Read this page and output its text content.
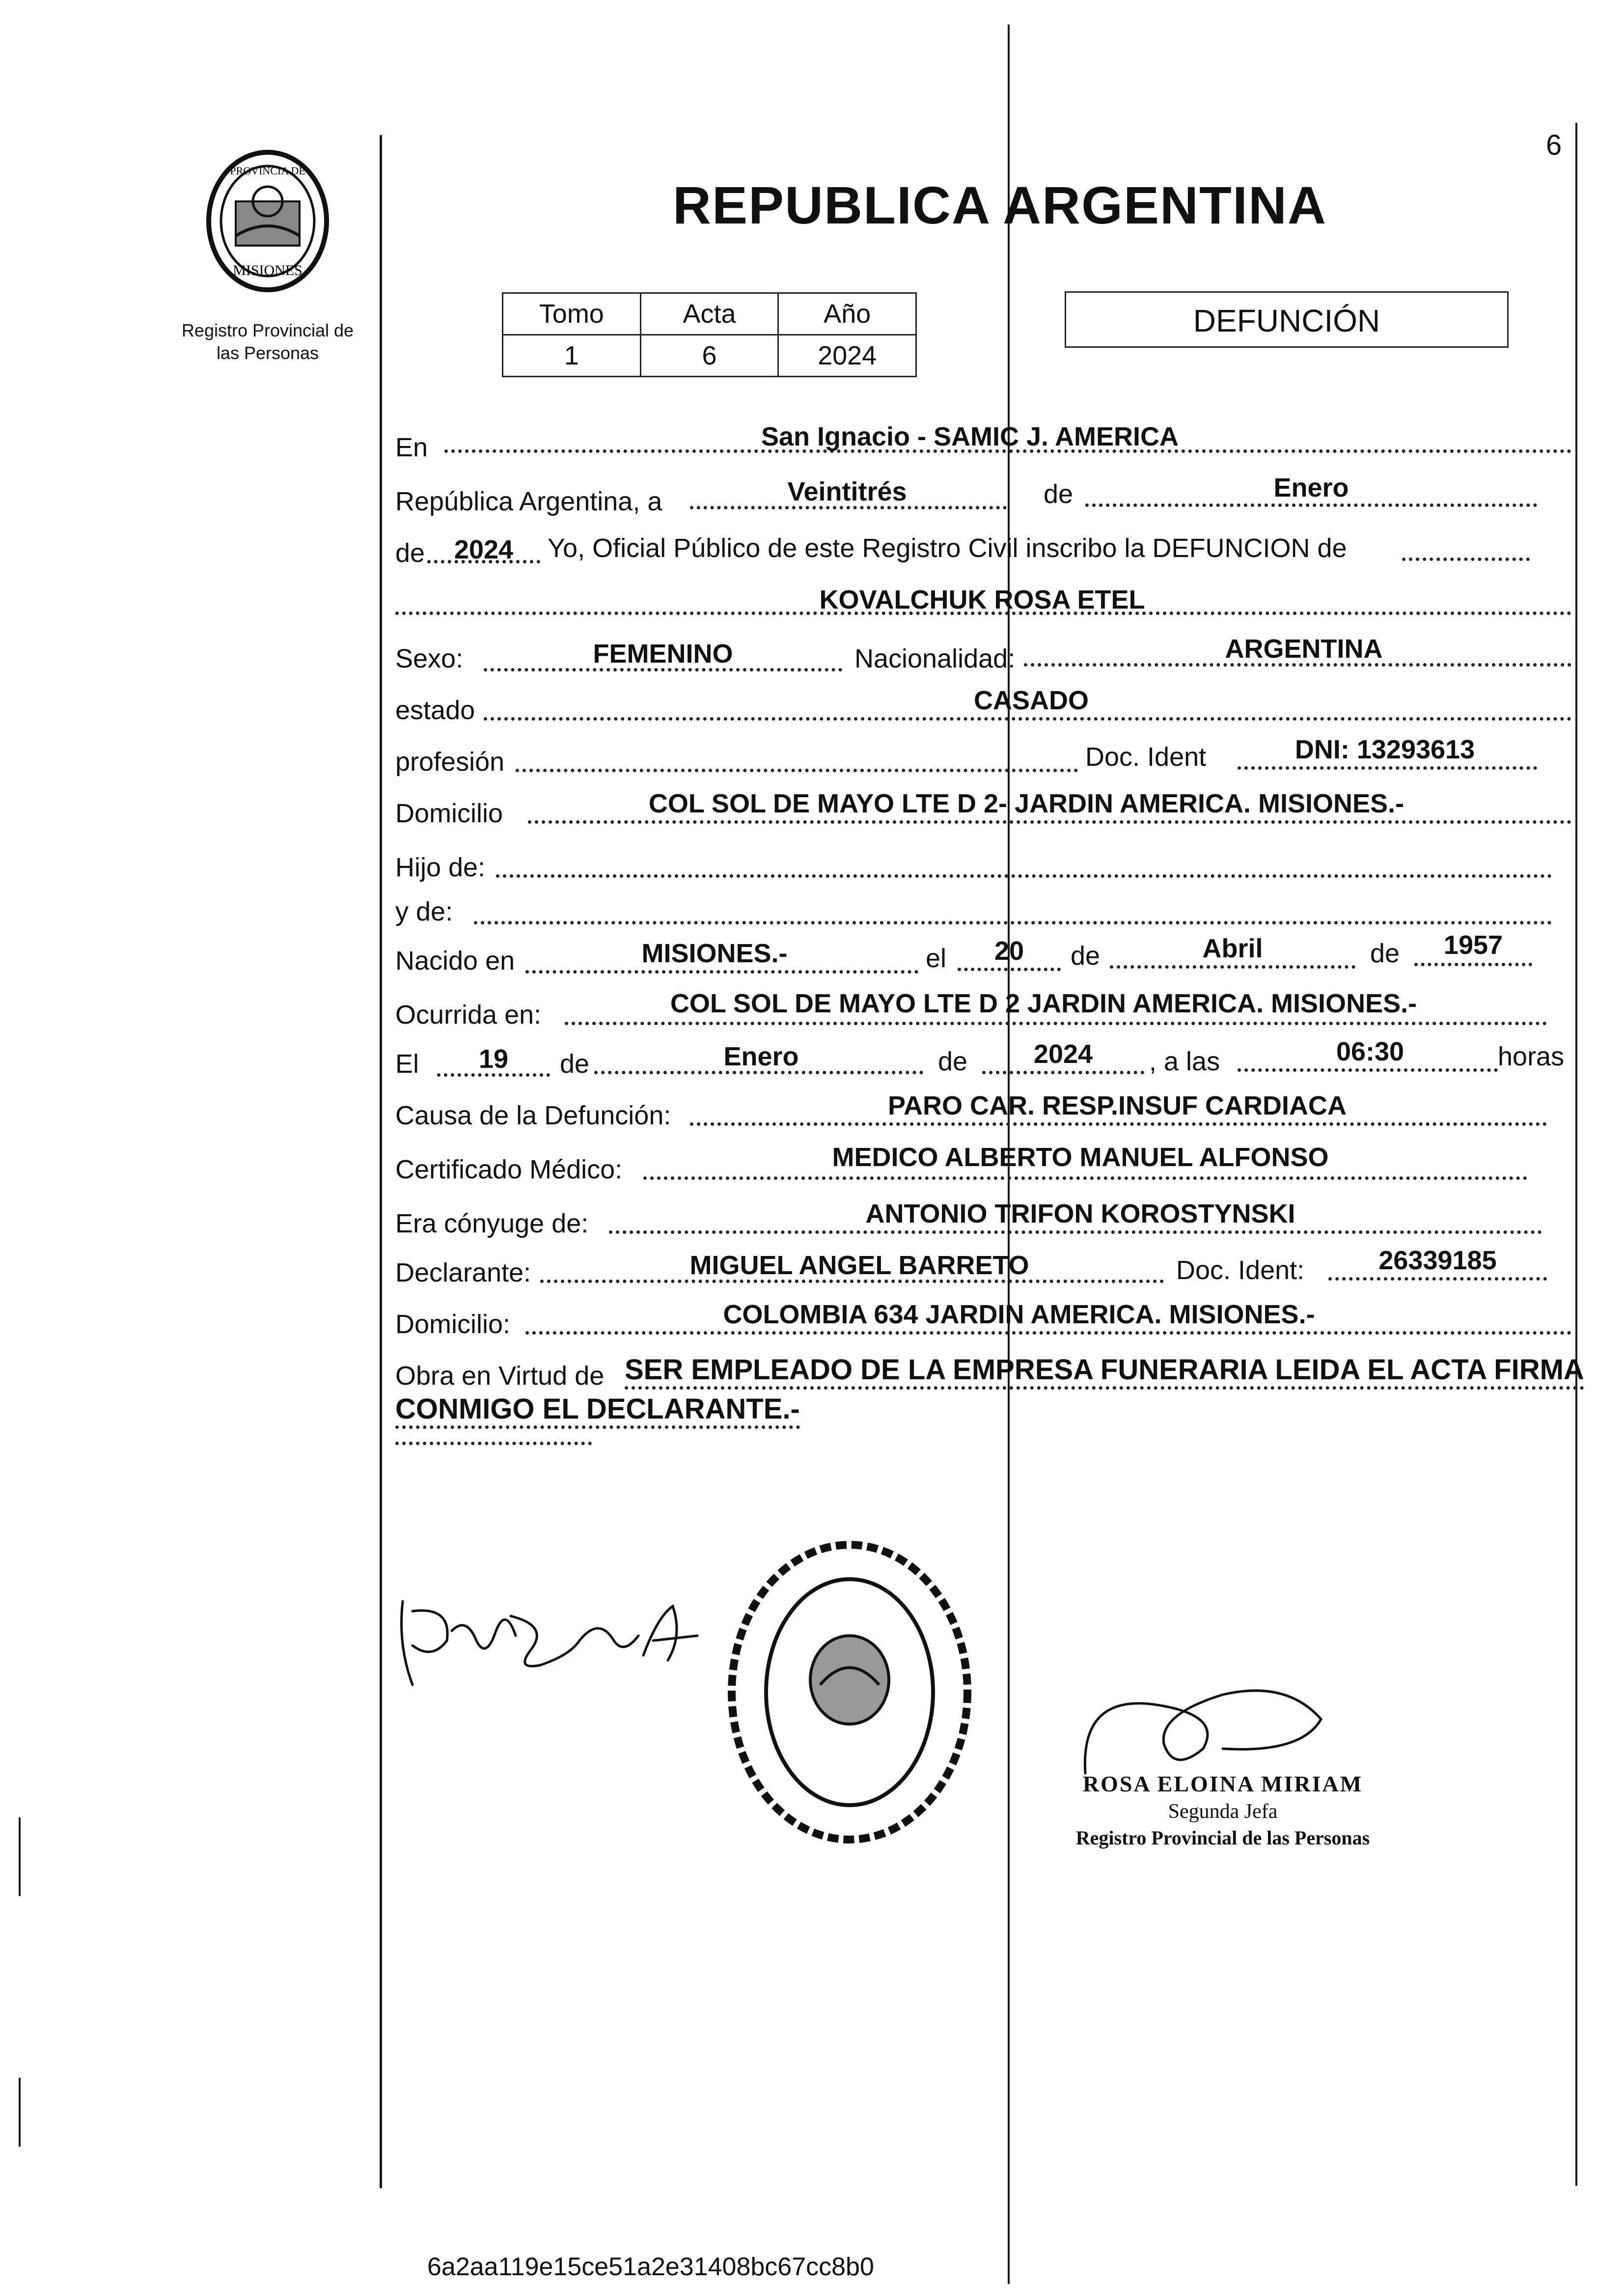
6
PROVINCIA DE
MISIONES
Registro Provincial de
las Personas
REPUBLICA ARGENTINA
Tomo	Acta	Año
1	6	2024
DEFUNCIÓN
En	San Ignacio - SAMIC J. AMERICA
República Argentina, a	Veintitrés	de	Enero
de	2024	Yo, Oficial Público de este Registro Civil inscribo la DEFUNCION de
KOVALCHUK ROSA ETEL
Sexo:	FEMENINO	Nacionalidad:	ARGENTINA
estado	CASADO
profesión	Doc. Ident	DNI: 13293613
Domicilio	COL SOL DE MAYO LTE D 2- JARDIN AMERICA. MISIONES.-
Hijo de:
y de:
Nacido en	MISIONES.-	el	20	de	Abril	de	1957
Ocurrida en:	COL SOL DE MAYO LTE D 2 JARDIN AMERICA. MISIONES.-
El	19	de	Enero	de	2024	, a las	06:30	horas
Causa de la Defunción:	PARO CAR. RESP.INSUF CARDIACA
Certificado Médico:	MEDICO ALBERTO MANUEL ALFONSO
Era cónyuge de:	ANTONIO TRIFON KOROSTYNSKI
Declarante:	MIGUEL ANGEL BARRETO	Doc. Ident:	26339185
Domicilio:	COLOMBIA 634 JARDIN AMERICA. MISIONES.-
Obra en Virtud de SER EMPLEADO DE LA EMPRESA FUNERARIA LEIDA EL ACTA FIRMA
CONMIGO EL DECLARANTE.-
ROSA ELOINA MIRIAM
Segunda Jefa
Registro Provincial de las Personas
6a2aa119e15ce51a2e31408bc67cc8b0
